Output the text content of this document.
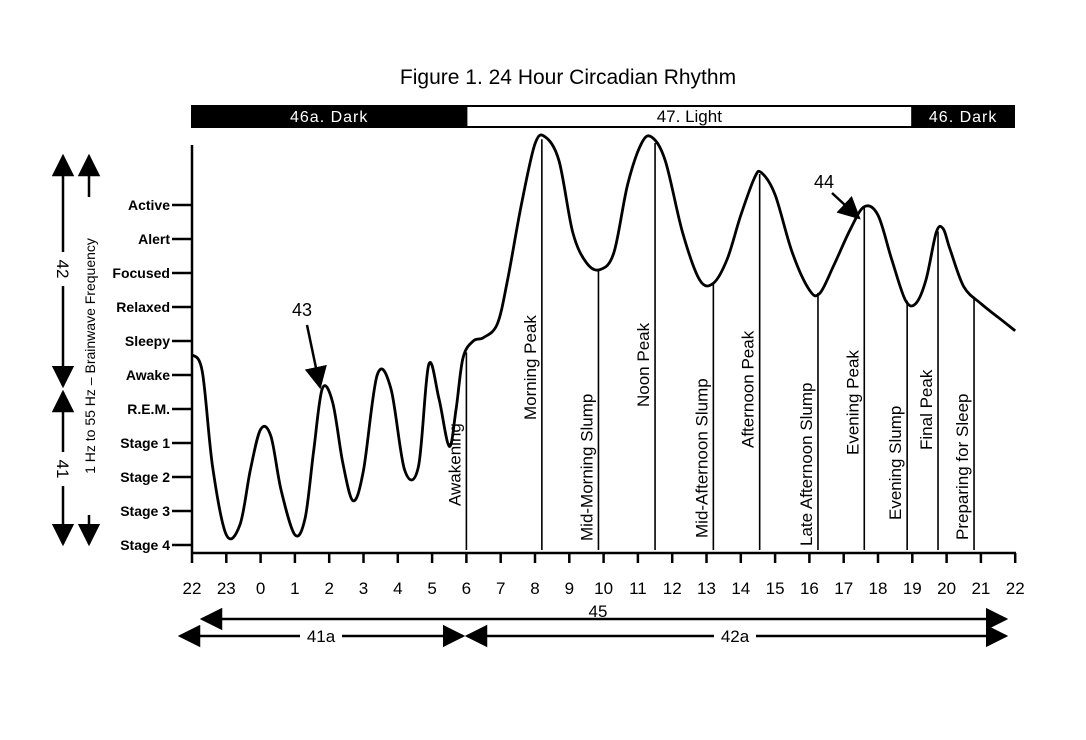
Figure 1. 24 Hour Circadian Rhythm
46a. Dark	47. Light	46. Dark
Stage 4
Stage 3
Stage 2
Stage 1
R.E.M.
Awake
Sleepy
Relaxed
Focused
Alert
Active
22 23 0 1 2 3 4 5 6 7 8 9 10 11 12 13 14 15 16 17 18 19 20 21 22
Awakening
Morning Peak
Mid-Morning Slump
Noon Peak
Mid-Afternoon Slump Afternoon Peak Late Afternoon Slump Evening Peak
Evening Slump Final Peak Preparing for Sleep
43
44
45
41a	42a
42
41 1 Hz to 55 Hz – Brainwave Frequency
